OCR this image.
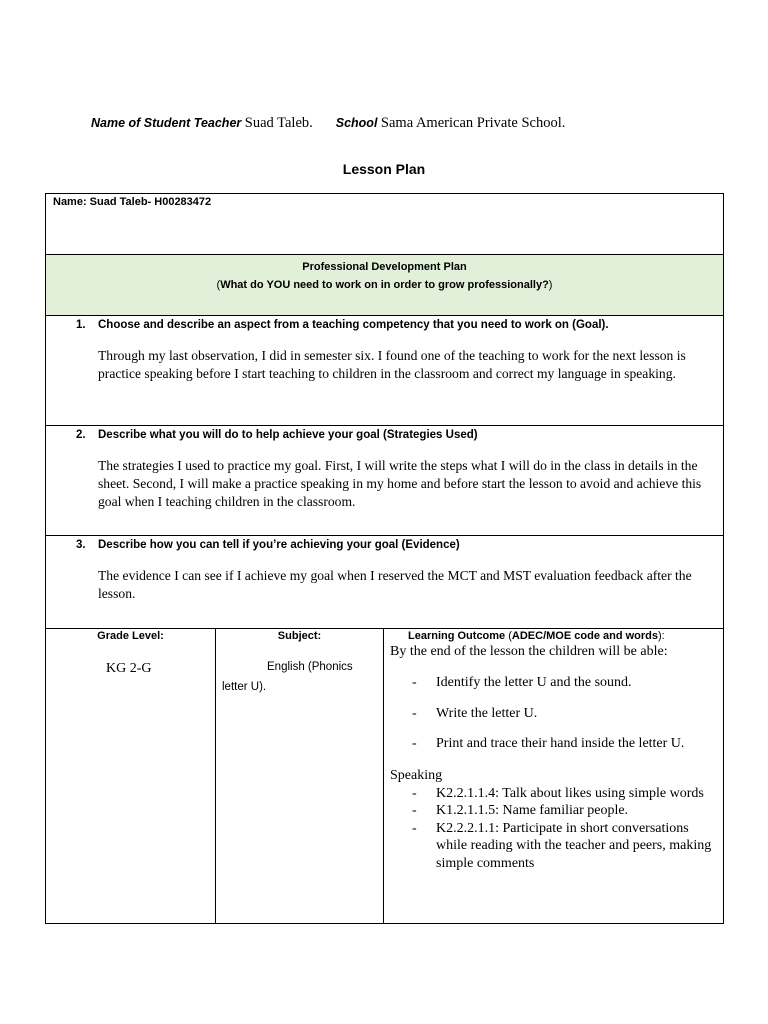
Name of Student Teacher Suad Taleb. School Sama American Private School.
Lesson Plan
Name: Suad Taleb- H00283472

Professional Development Plan
(What do YOU need to work on in order to grow professionally?)

1.	Choose and describe an aspect from a teaching competency that you need to work on (Goal).
Through my last observation, I did in semester six. I found one of the teaching to work for the next lesson is practice speaking before I start teaching to children in the classroom and correct my language in speaking.

2.	Describe what you will do to help achieve your goal (Strategies Used)
The strategies I used to practice my goal. First, I will write the steps what I will do in the class in details in the sheet. Second, I will make a practice speaking in my home and before start the lesson to avoid and achieve this goal when I teaching children in the classroom.

3.	Describe how you can tell if you’re achieving your goal (Evidence)
The evidence I can see if I achieve my goal when I reserved the MCT and MST evaluation feedback after the lesson.

Grade Level:
KG 2-G

Subject:
English (Phonics
letter U).

Learning Outcome (ADEC/MOE code and words):
By the end of the lesson the children will be able:
- Identify the letter U and the sound.
- Write the letter U.
- Print and trace their hand inside the letter U.
Speaking
- K2.2.1.1.4: Talk about likes using simple words
- K1.2.1.1.5: Name familiar people.
- K2.2.2.1.1: Participate in short conversations while reading with the teacher and peers, making simple comments
